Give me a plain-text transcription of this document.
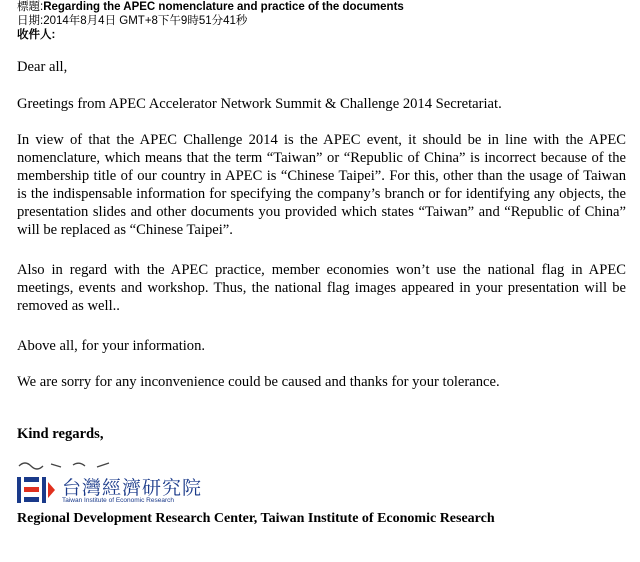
標題:Regarding the APEC nomenclature and practice of the documents
日期:2014年8月4日 GMT+8下午9時51分41秒
收件人:
Dear all,
Greetings from APEC Accelerator Network Summit & Challenge 2014 Secretariat.
In view of that the APEC Challenge 2014 is the APEC event, it should be in line with the APEC nomenclature, which means that the term “Taiwan” or “Republic of China” is incorrect because of the membership title of our country in APEC is “Chinese Taipei”. For this, other than the usage of Taiwan is the indispensable information for specifying the company’s branch or for identifying any objects, the presentation slides and other documents you provided which states “Taiwan” and “Republic of China” will be replaced as “Chinese Taipei”.
Also in regard with the APEC practice, member economies won’t use the national flag in APEC meetings, events and workshop. Thus, the national flag images appeared in your presentation will be removed as well..
Above all, for your information.
We are sorry for any inconvenience could be caused and thanks for your tolerance.
Kind regards,
台灣經濟研究院
Taiwan Institute of Economic Research
Regional Development Research Center, Taiwan Institute of Economic Research
